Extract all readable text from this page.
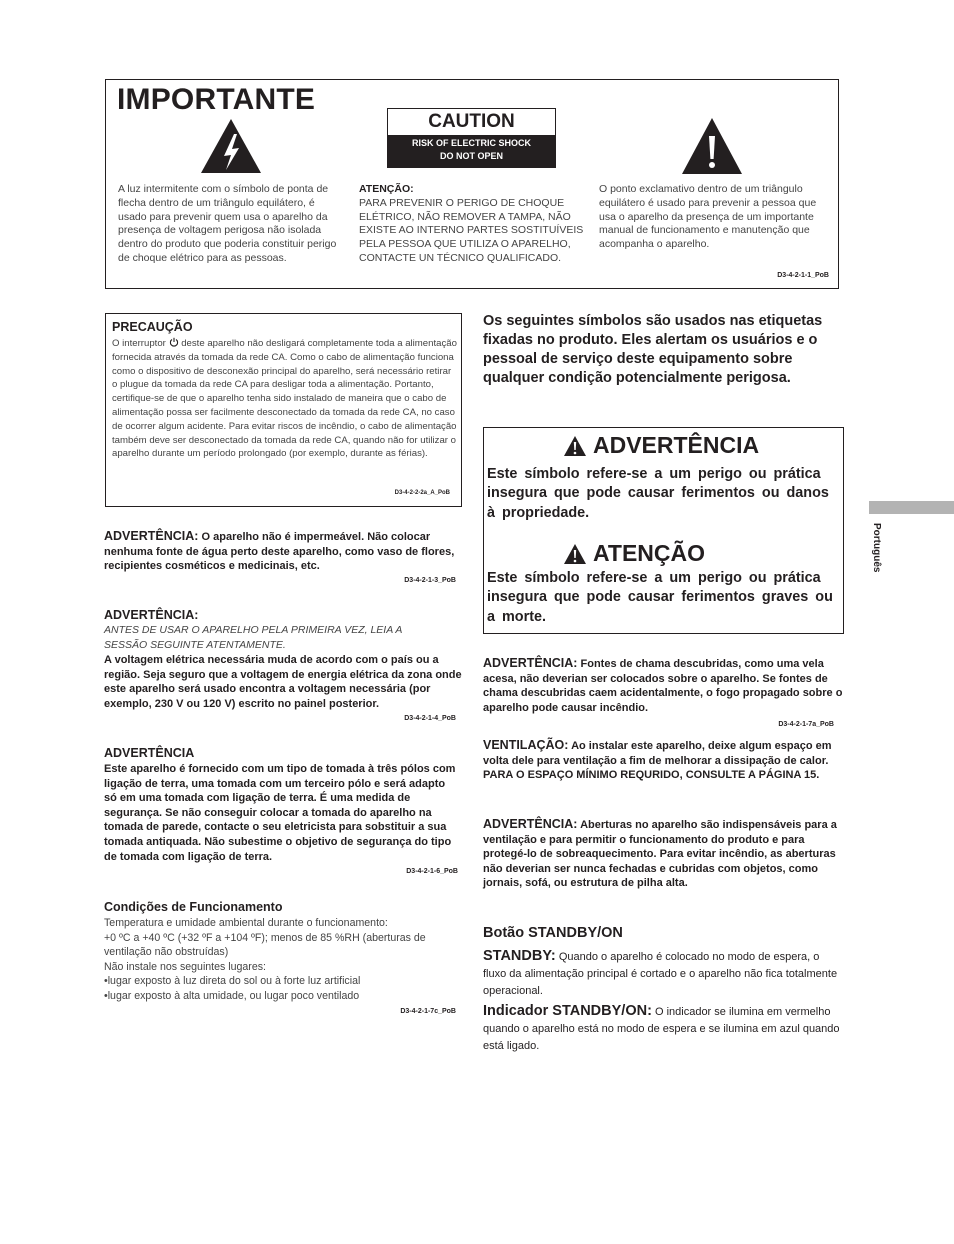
IMPORTANTE
CAUTION
RISK OF ELECTRIC SHOCK
DO NOT OPEN
A luz intermitente com o símbolo de ponta de flecha dentro de um triângulo equilátero, é usado para prevenir quem usa o aparelho da presença de voltagem perigosa não isolada dentro do produto que poderia constituir perigo de choque elétrico para as pessoas.
ATENÇÃO:
PARA PREVENIR O PERIGO DE CHOQUE ELÉTRICO, NÃO REMOVER A TAMPA, NÃO EXISTE AO INTERNO PARTES SOSTITUÍVEIS PELA PESSOA QUE UTILIZA O APARELHO, CONTACTE UN TÉCNICO QUALIFICADO.
O ponto exclamativo dentro de um triângulo equilátero é usado para prevenir a pessoa que usa o aparelho da presença de um importante manual de funcionamento e manutenção que acompanha o aparelho.
D3-4-2-1-1_PoB
PRECAUÇÃO
O interruptor deste aparelho não desligará completamente toda a alimentação fornecida através da tomada da rede CA. Como o cabo de alimentação funciona como o dispositivo de desconexão principal do aparelho, será necessário retirar o plugue da tomada da rede CA para desligar toda a alimentação. Portanto, certifique-se de que o aparelho tenha sido instalado de maneira que o cabo de alimentação possa ser facilmente desconectado da tomada da rede CA, no caso de ocorrer algum acidente. Para evitar riscos de incêndio, o cabo de alimentação também deve ser desconectado da tomada da rede CA, quando não for utilizar o aparelho durante um período prolongado (por exemplo, durante as férias).
D3-4-2-2-2a_A_PoB
ADVERTÊNCIA: O aparelho não é impermeável. Não colocar nenhuma fonte de água perto deste aparelho, como vaso de flores, recipientes cosméticos e medicinais, etc.
D3-4-2-1-3_PoB
ADVERTÊNCIA:
ANTES DE USAR O APARELHO PELA PRIMEIRA VEZ, LEIA A SESSÃO SEGUINTE ATENTAMENTE.
A voltagem elétrica necessária muda de acordo com o país ou a região. Seja seguro que a voltagem de energia elétrica da zona onde este aparelho será usado encontra a voltagem necessária (por exemplo, 230 V ou 120 V) escrito no painel posterior.
D3-4-2-1-4_PoB
ADVERTÊNCIA
Este aparelho é fornecido com um tipo de tomada à três pólos com ligação de terra, uma tomada com um terceiro pólo e será adapto só em uma tomada com ligação de terra. É uma medida de segurança. Se não conseguir colocar a tomada do aparelho na tomada de parede, contacte o seu eletricista para sobstituir a sua tomada antiquada. Não subestime o objetivo de segurança do tipo de tomada com ligação de terra.
D3-4-2-1-6_PoB
Condições de Funcionamento
Temperatura e umidade ambiental durante o funcionamento:
+0 ºC a +40 ºC (+32 ºF a +104 ºF); menos de 85 %RH (aberturas de ventilação não obstruídas)
Não instale nos seguintes lugares:
•lugar exposto à luz direta do sol ou à forte luz artificial
•lugar exposto à alta umidade, ou lugar poco ventilado
D3-4-2-1-7c_PoB
Os seguintes símbolos são usados nas etiquetas fixadas no produto. Eles alertam os usuários e o pessoal de serviço deste equipamento sobre qualquer condição potencialmente perigosa.
ADVERTÊNCIA
Este símbolo refere-se a um perigo ou prática insegura que pode causar ferimentos ou danos à propriedade.
ATENÇÃO
Este símbolo refere-se a um perigo ou prática insegura que pode causar ferimentos graves ou a morte.
ADVERTÊNCIA: Fontes de chama descubridas, como uma vela acesa, não deverian ser colocados sobre o aparelho. Se fontes de chama descubridas caem acidentalmente, o fogo propagado sobre o aparelho pode causar incêndio.
D3-4-2-1-7a_PoB
VENTILAÇÃO: Ao instalar este aparelho, deixe algum espaço em volta dele para ventilação a fim de melhorar a dissipação de calor. PARA O ESPAÇO MÍNIMO REQURIDO, CONSULTE A PÁGINA 15.
ADVERTÊNCIA: Aberturas no aparelho são indispensáveis para a ventilação e para permitir o funcionamento do produto e para protegé-lo de sobreaquecimento. Para evitar incêndio, as aberturas não deverian ser nunca fechadas e cubridas com objetos, como jornais, sofá, ou estrutura de pilha alta.
Botão STANDBY/ON
STANDBY: Quando o aparelho é colocado no modo de espera, o fluxo da alimentação principal é cortado e o aparelho não fica totalmente operacional.
Indicador STANDBY/ON: O indicador se ilumina em vermelho quando o aparelho está no modo de espera e se ilumina em azul quando está ligado.
Português
